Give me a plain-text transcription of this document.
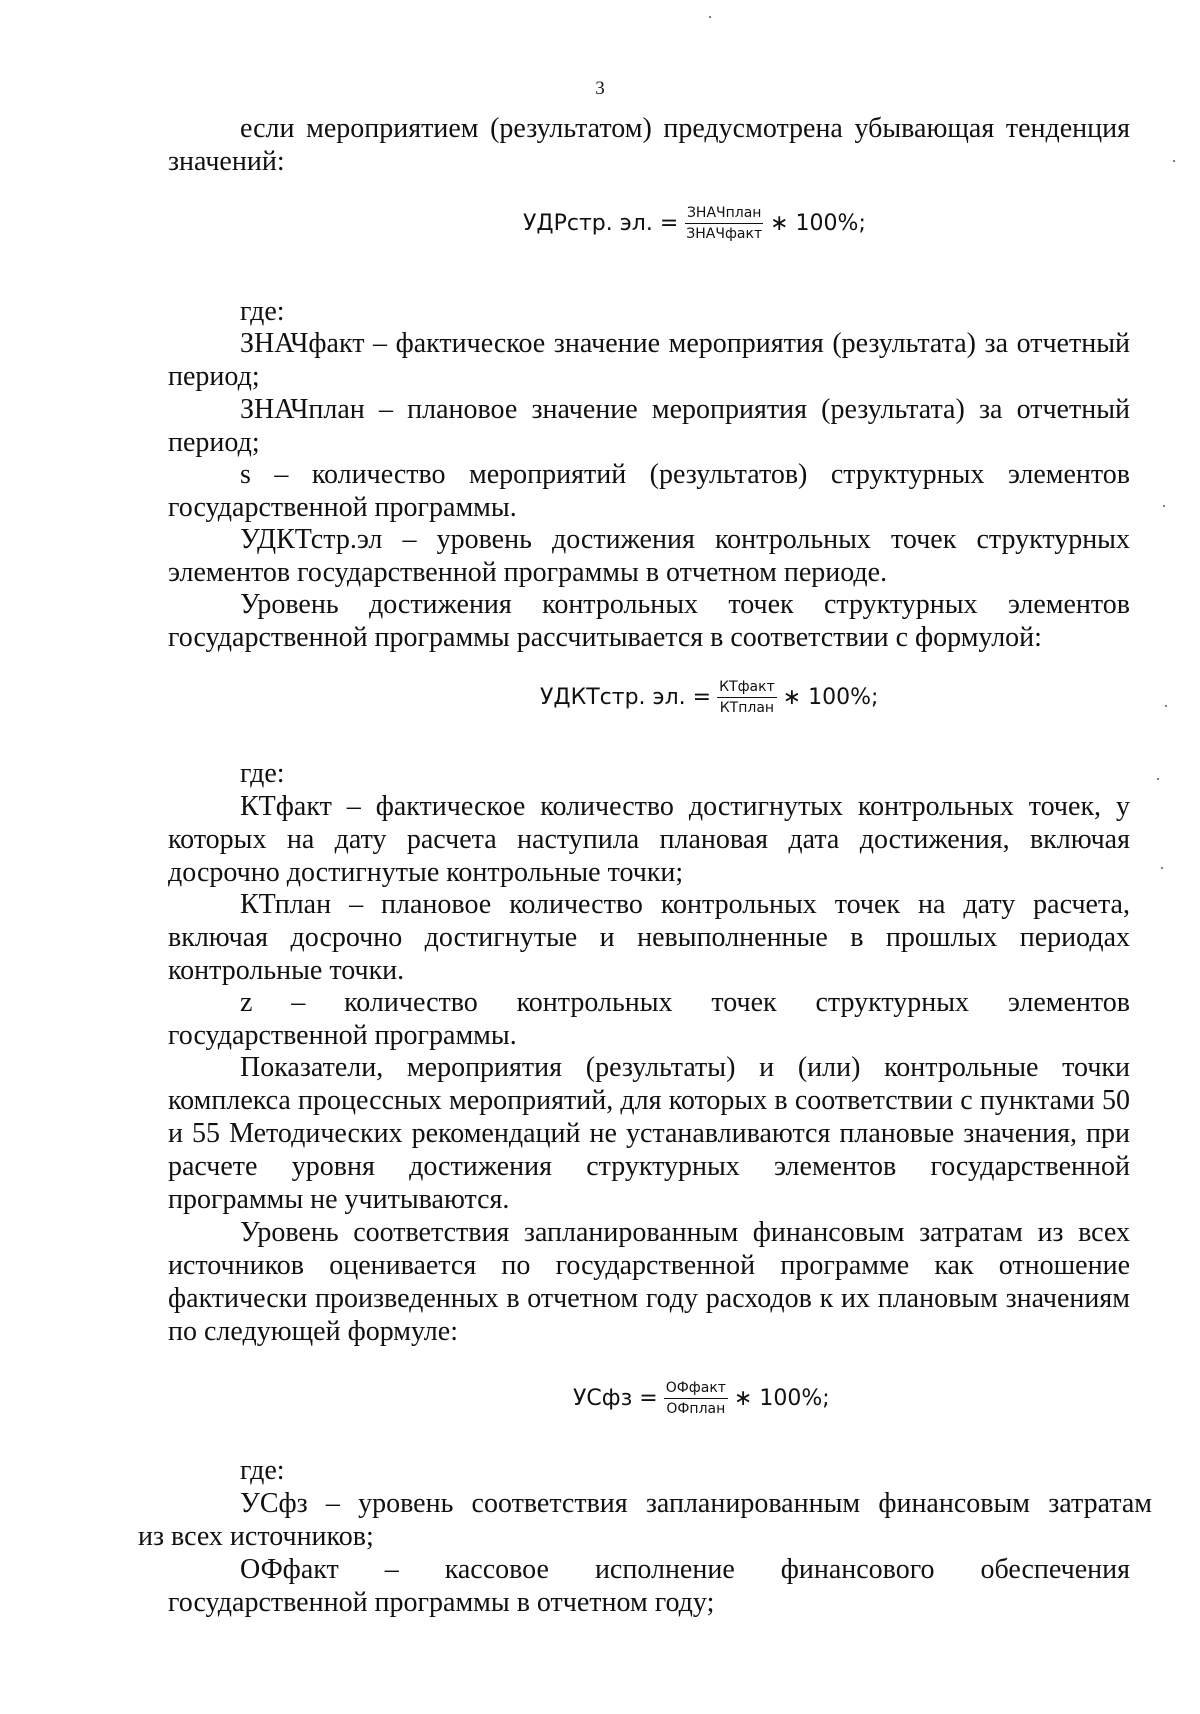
3

если мероприятием (результатом) предусмотрена убывающая тенденция значений:

УДРстр. эл. = $\frac{\text{ЗНАЧплан}}{\text{ЗНАЧфакт}}$ ∗ 100%;
где:

ЗНАЧфакт – фактическое значение мероприятия (результата) за отчетный период;

ЗНАЧплан – плановое значение мероприятия (результата) за отчетный период;

s – количество мероприятий (результатов) структурных элементов государственной программы.

УДКТстр.эл – уровень достижения контрольных точек структурных элементов государственной программы в отчетном периоде.

Уровень достижения контрольных точек структурных элементов государственной программы рассчитывается в соответствии с формулой:

УДКТстр. эл. = $\frac{\text{КТфакт}}{\text{КТплан}}$ ∗ 100%;
где:

КТфакт – фактическое количество достигнутых контрольных точек, у которых на дату расчета наступила плановая дата достижения, включая досрочно достигнутые контрольные точки;

КТплан – плановое количество контрольных точек на дату расчета, включая досрочно достигнутые и невыполненные в прошлых периодах контрольные точки.

z – количество контрольных точек структурных элементов государственной программы.

Показатели, мероприятия (результаты) и (или) контрольные точки комплекса процессных мероприятий, для которых в соответствии с пунктами 50 и 55 Методических рекомендаций не устанавливаются плановые значения, при расчете уровня достижения структурных элементов государственной программы не учитываются.

Уровень соответствия запланированным финансовым затратам из всех источников оценивается по государственной программе как отношение фактически произведенных в отчетном году расходов к их плановым значениям по следующей формуле:

УСфз = $\frac{\text{ОФфакт}}{\text{ОФплан}}$ ∗ 100%;
где:
УСфз – уровень соответствия запланированным финансовым затратам
из всех источников;
ОФфакт – кассовое исполнение финансового обеспечения
государственной программы в отчетном году;
